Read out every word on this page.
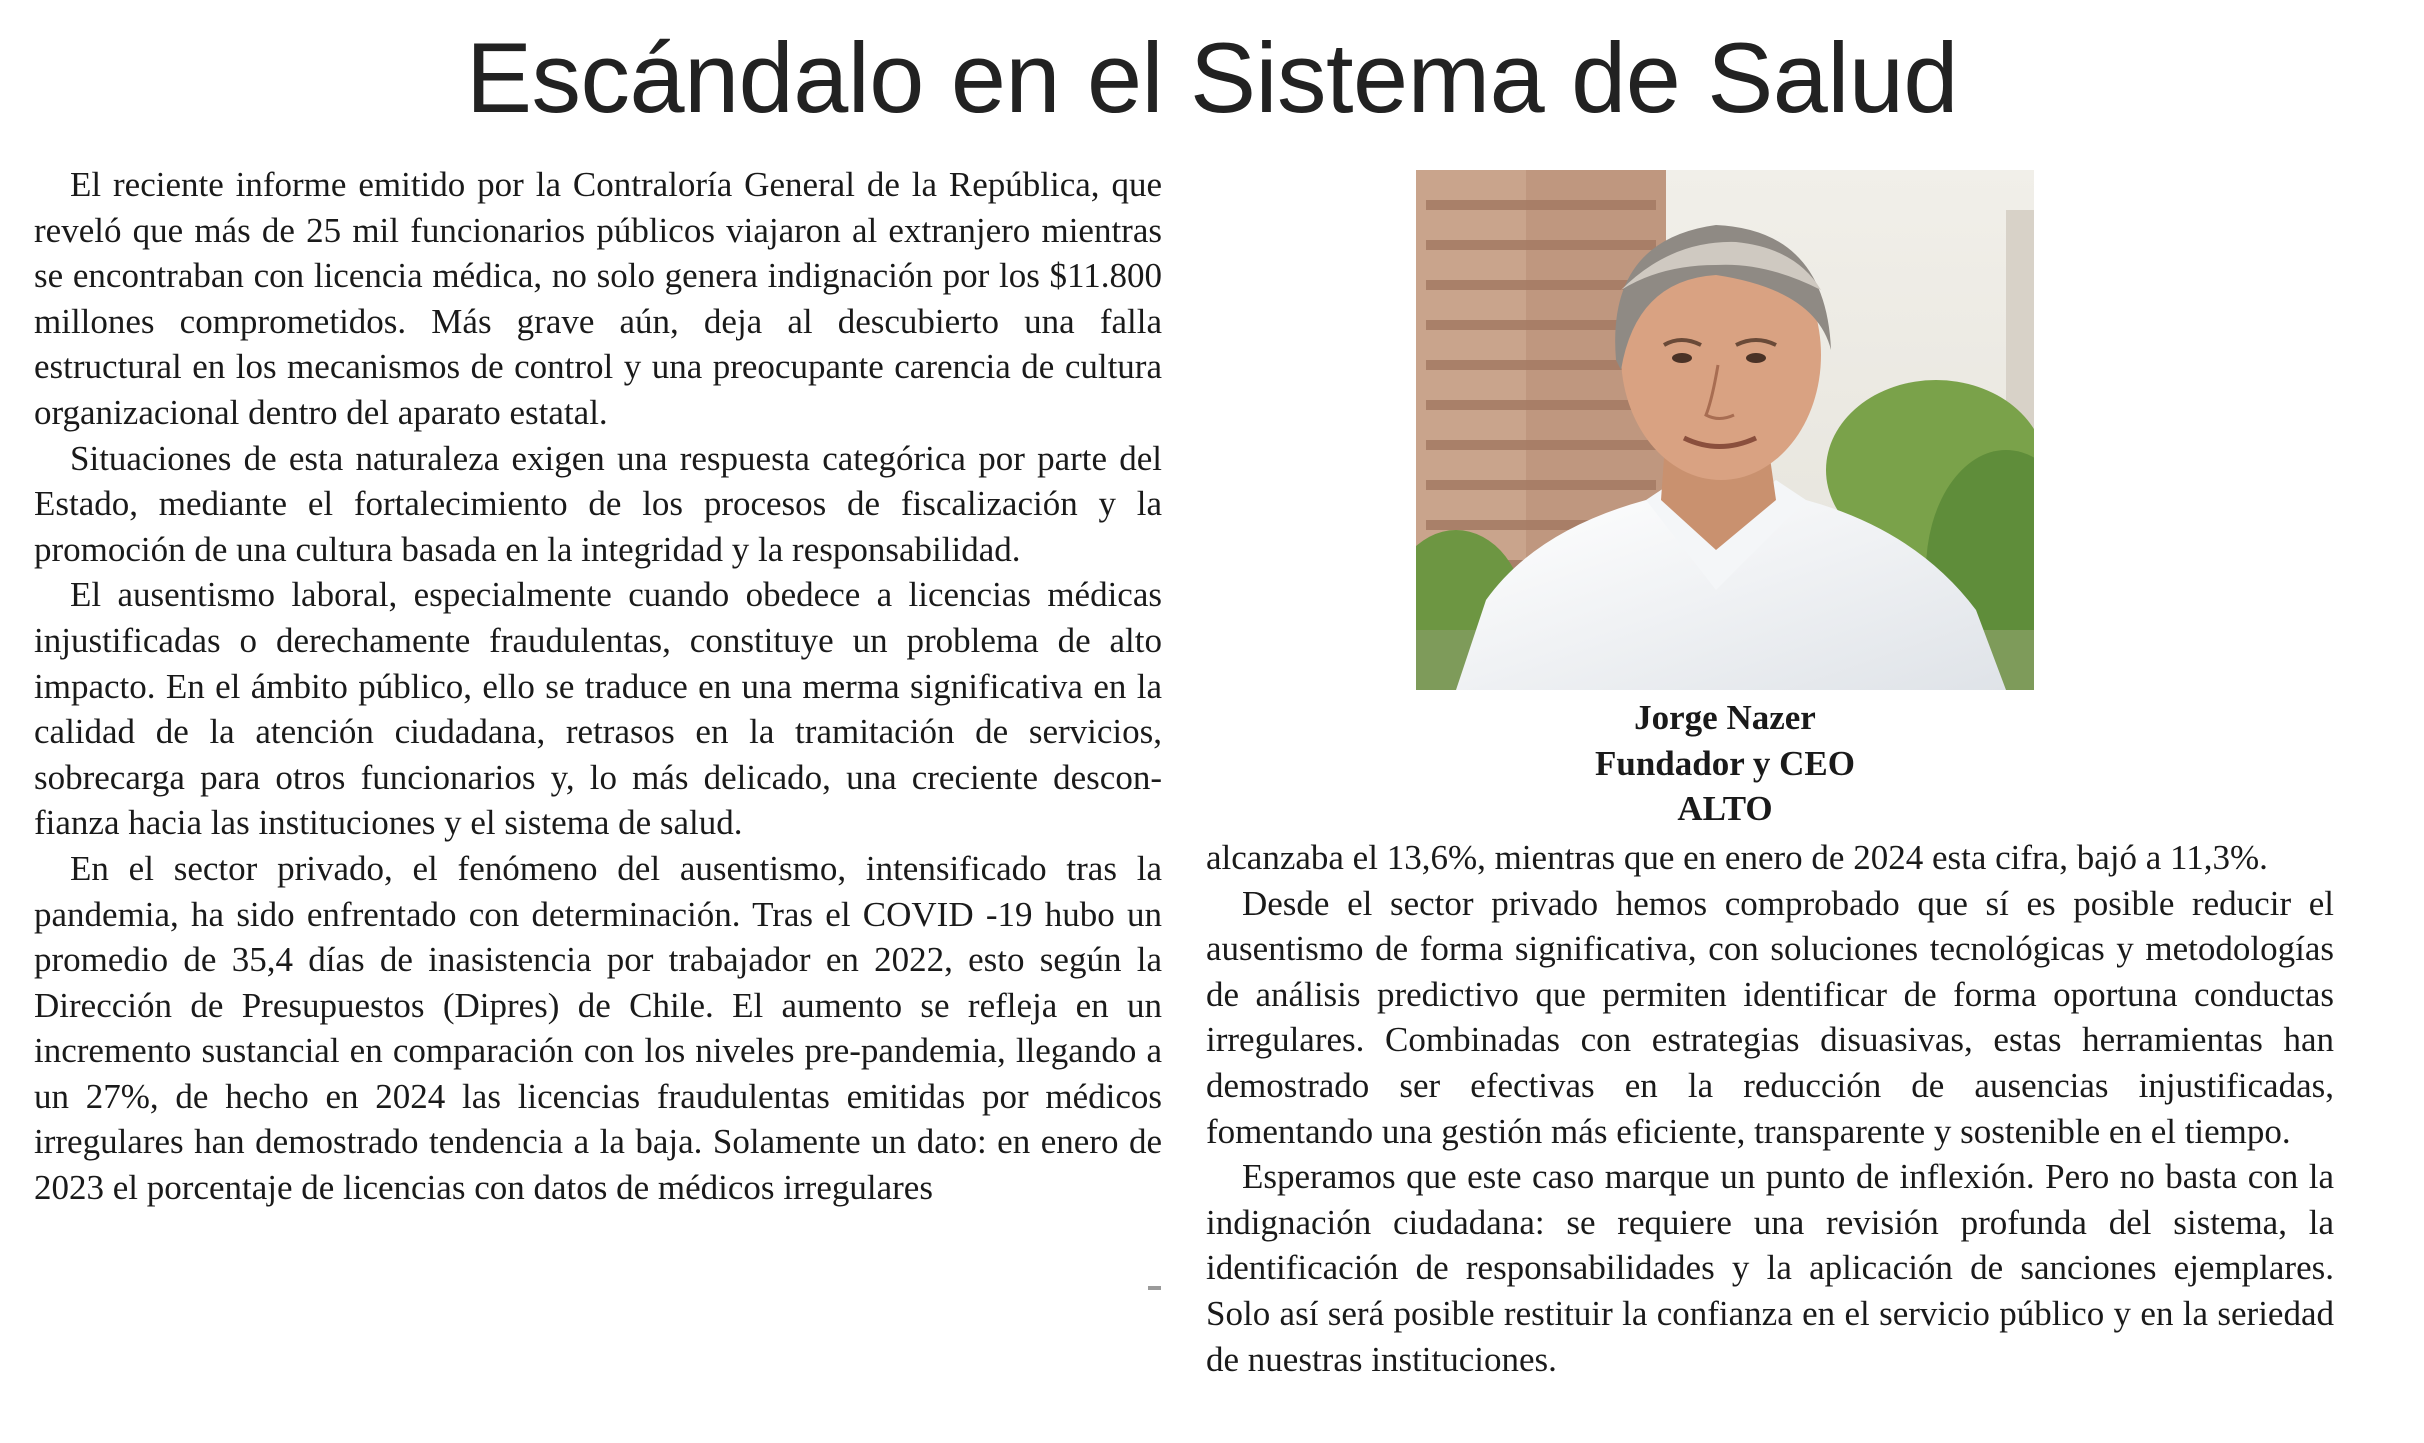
Escándalo en el Sistema de Salud

El reciente informe emitido por la Contraloría General de la República, que reveló que más de 25 mil funcionarios públicos viajaron al extranjero mientras se encontraban con licencia médica, no solo genera indignación por los $11.800 millones comprometidos. Más grave aún, deja al descubierto una falla estructural en los mecanismos de control y una preocupante carencia de cultura organizacional dentro del aparato estatal.

Situaciones de esta naturaleza exigen una respuesta categórica por parte del Estado, mediante el fortalecimiento de los procesos de fiscalización y la promoción de una cultura basada en la integridad y la responsabilidad.

El ausentismo laboral, especialmente cuando obedece a licencias médicas injustificadas o derechamente fraudulentas, constituye un problema de alto impacto. En el ámbito público, ello se traduce en una merma significativa en la calidad de la atención ciudadana, retrasos en la tramitación de servicios, sobrecarga para otros funcionarios y, lo más delicado, una creciente desconfianza hacia las instituciones y el sistema de salud.

En el sector privado, el fenómeno del ausentismo, intensificado tras la pandemia, ha sido enfrentado con determinación. Tras el COVID -19 hubo un promedio de 35,4 días de inasistencia por trabajador en 2022, esto según la Dirección de Presupuestos (Dipres) de Chile. El aumento se refleja en un incremento sustancial en comparación con los niveles pre-pandemia, llegando a un 27%, de hecho en 2024 las licencias fraudulentas emitidas por médicos irregulares han demostrado tendencia a la baja. Solamente un dato: en enero de 2023 el porcentaje de licencias con datos de médicos irregulares

Jorge Nazer
Fundador y CEO
ALTO

alcanzaba el 13,6%, mientras que en enero de 2024 esta cifra, bajó a 11,3%.

Desde el sector privado hemos comprobado que sí es posible reducir el ausentismo de forma significativa, con soluciones tecnológicas y metodologías de análisis predictivo que permiten identificar de forma oportuna conductas irregulares. Combinadas con estrategias disuasivas, estas herramientas han demostrado ser efectivas en la reducción de ausencias injustificadas, fomentando una gestión más eficiente, transparente y sostenible en el tiempo.

Esperamos que este caso marque un punto de inflexión. Pero no basta con la indignación ciudadana: se requiere una revisión profunda del sistema, la identificación de responsabilidades y la aplicación de sanciones ejemplares. Solo así será posible restituir la confianza en el servicio público y en la seriedad de nuestras instituciones.
